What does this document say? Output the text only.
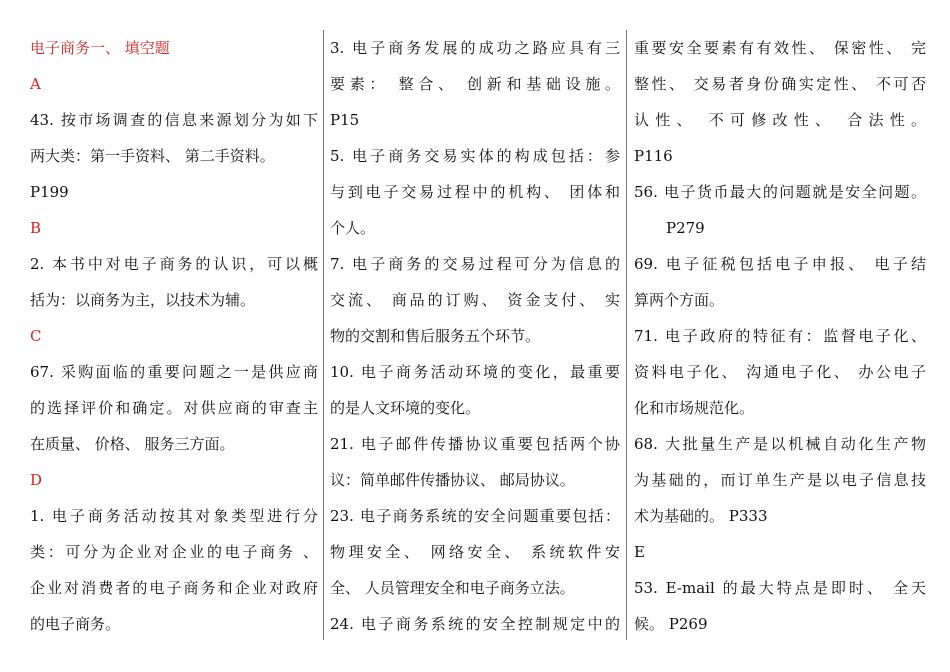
电子商务一、 填空题
A
43. 按市场调查的信息来源划分为如下
两大类：第一手资料、 第二手资料。
P199
B
2. 本书中对电子商务的认识，可以概
括为：以商务为主，以技术为辅。
C
67. 采购面临的重要问题之一是供应商
的选择评价和确定。对供应商的审查主
在质量、 价格、 服务三方面。
D
1. 电子商务活动按其对象类型进行分
类：可分为企业对企业的电子商务 、
企业对消费者的电子商务和企业对政府
的电子商务。
3. 电子商务发展的成功之路应具有三
要素： 整合、 创新和基础设施。
P15
5. 电子商务交易实体的构成包括：参
与到电子交易过程中的机构、 团体和
个人。
7. 电子商务的交易过程可分为信息的
交流、 商品的订购、 资金支付、 实
物的交割和售后服务五个环节。
10. 电子商务活动环境的变化，最重要
的是人文环境的变化。
21. 电子邮件传播协议重要包括两个协
议：简单邮件传播协议、 邮局协议。
23. 电子商务系统的安全问题重要包括：
物理安全、 网络安全、 系统软件安
全、 人员管理安全和电子商务立法。
24. 电子商务系统的安全控制规定中的
重要安全要素有有效性、 保密性、 完
整性、 交易者身份确实定性、 不可否
认性、 不可修改性、 合法性。
P116
56. 电子货币最大的问题就是安全问题。
P279
69. 电子征税包括电子申报、 电子结
算两个方面。
71. 电子政府的特征有：监督电子化、
资料电子化、 沟通电子化、 办公电子
化和市场规范化。
68. 大批量生产是以机械自动化生产物
为基础的，而订单生产是以电子信息技
术为基础的。 P333
E
53. E-mail 的最大特点是即时、 全天
候。 P269
